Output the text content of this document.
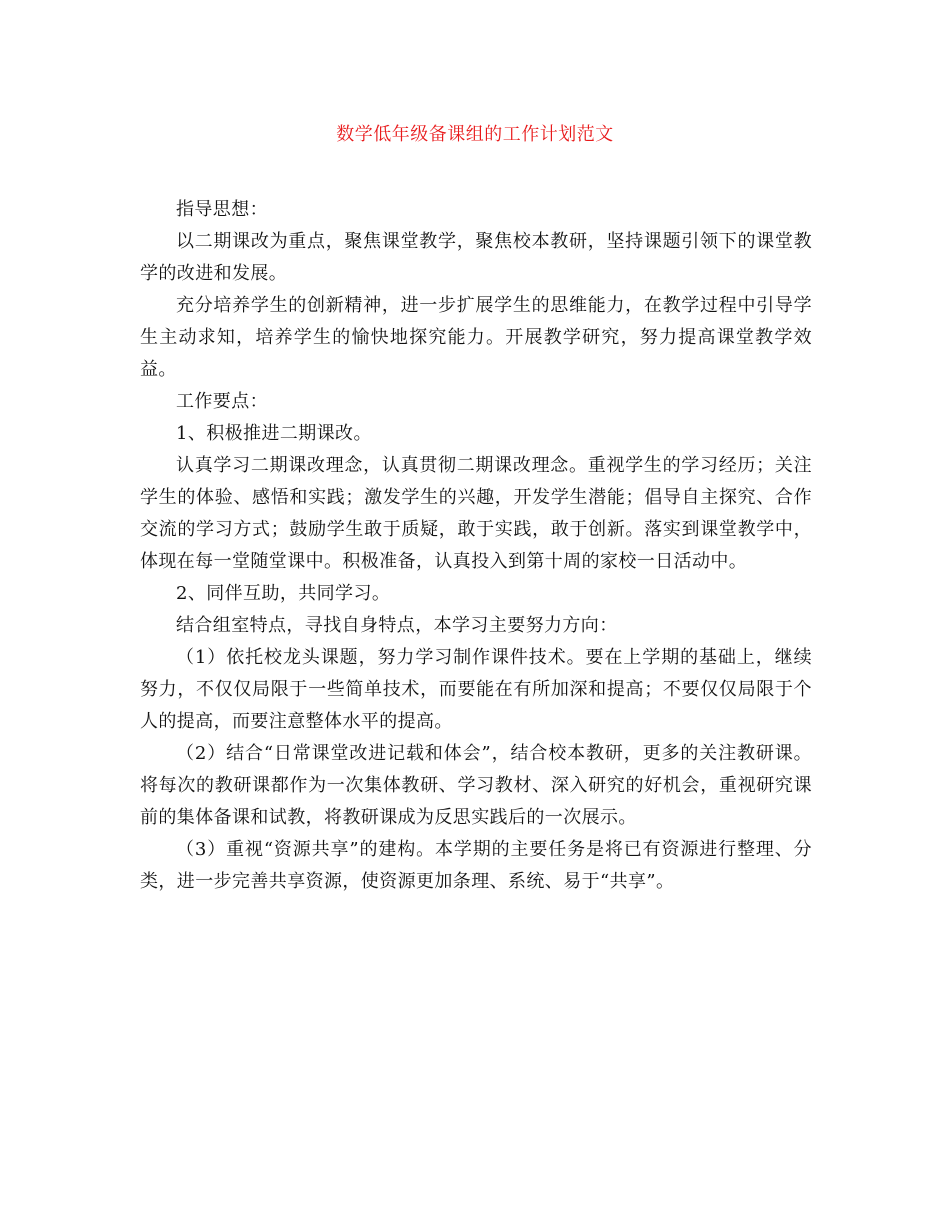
数学低年级备课组的工作计划范文

指导思想：

以二期课改为重点，聚焦课堂教学，聚焦校本教研，坚持课题引领下的课堂教学的改进和发展。

充分培养学生的创新精神，进一步扩展学生的思维能力，在教学过程中引导学生主动求知，培养学生的愉快地探究能力。开展教学研究，努力提高课堂教学效益。

工作要点：

1、积极推进二期课改。

认真学习二期课改理念，认真贯彻二期课改理念。重视学生的学习经历；关注学生的体验、感悟和实践；激发学生的兴趣，开发学生潜能；倡导自主探究、合作交流的学习方式；鼓励学生敢于质疑，敢于实践，敢于创新。落实到课堂教学中，体现在每一堂随堂课中。积极准备，认真投入到第十周的家校一日活动中。

2、同伴互助，共同学习。

结合组室特点，寻找自身特点，本学习主要努力方向：

（1）依托校龙头课题，努力学习制作课件技术。要在上学期的基础上，继续努力，不仅仅局限于一些简单技术，而要能在有所加深和提高；不要仅仅局限于个人的提高，而要注意整体水平的提高。

（2）结合“日常课堂改进记载和体会”，结合校本教研，更多的关注教研课。将每次的教研课都作为一次集体教研、学习教材、深入研究的好机会，重视研究课前的集体备课和试教，将教研课成为反思实践后的一次展示。

（3）重视“资源共享”的建构。本学期的主要任务是将已有资源进行整理、分类，进一步完善共享资源，使资源更加条理、系统、易于“共享”。
